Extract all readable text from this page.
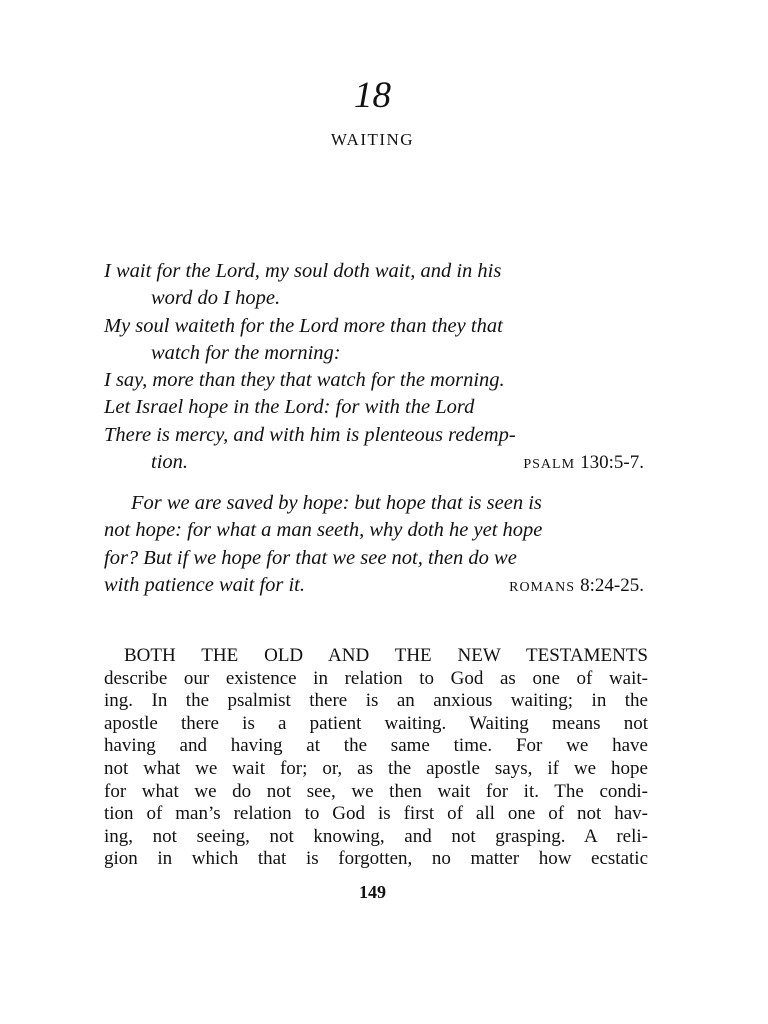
18
WAITING
I wait for the Lord, my soul doth wait, and in his
word do I hope.
My soul waiteth for the Lord more than they that
watch for the morning:
I say, more than they that watch for the morning.
Let Israel hope in the Lord: for with the Lord
There is mercy, and with him is plenteous redemp-
tion.	PSALM 130:5-7.
For we are saved by hope: but hope that is seen is
not hope: for what a man seeth, why doth he yet hope
for? But if we hope for that we see not, then do we
with patience wait for it.	ROMANS 8:24-25.
BOTH THE OLD AND THE NEW TESTAMENTS
describe our existence in relation to God as one of wait-
ing. In the psalmist there is an anxious waiting; in the
apostle there is a patient waiting. Waiting means not
having and having at the same time. For we have
not what we wait for; or, as the apostle says, if we hope
for what we do not see, we then wait for it. The condi-
tion of man’s relation to God is first of all one of not hav-
ing, not seeing, not knowing, and not grasping. A reli-
gion in which that is forgotten, no matter how ecstatic
149
